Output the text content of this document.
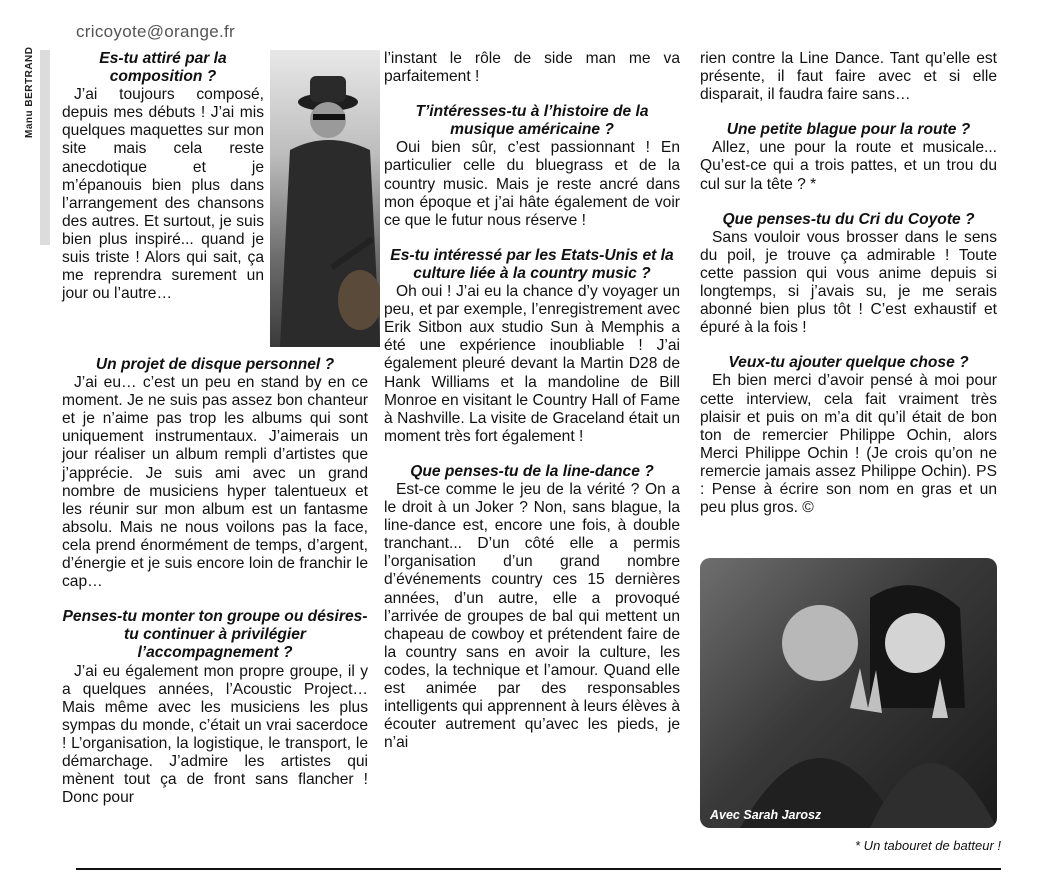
cricoyote@orange.fr
Manu BERTRAND	Es-tu attiré par la composition ?

J’ai toujours composé, depuis mes débuts ! J’ai mis quelques maquettes sur mon site mais cela reste anecdotique et je m’épanouis bien plus dans l’arrangement des chansons des autres. Et surtout, je suis bien plus inspiré... quand je suis triste ! Alors qui sait, ça me reprendra surement un jour ou l’autre…

Un projet de disque personnel ?

J’ai eu… c’est un peu en stand by en ce moment. Je ne suis pas assez bon chanteur et je n’aime pas trop les albums qui sont uniquement instrumentaux. J’aimerais un jour réaliser un album rempli d’artistes que j’apprécie. Je suis ami avec un grand nombre de musiciens hyper talentueux et les réunir sur mon album est un fantasme absolu. Mais ne nous voilons pas la face, cela prend énormément de temps, d’argent, d’énergie et je suis encore loin de franchir le cap…

Penses-tu monter ton groupe ou désires-tu continuer à privilégier l’accompagnement ?

J’ai eu également mon propre groupe, il y a quelques années, l’Acoustic Project… Mais même avec les musiciens les plus sympas du monde, c’était un vrai sacerdoce ! L’organisation, la logistique, le transport, le démarchage. J’admire les artistes qui mènent tout ça de front sans flancher ! Donc pour

l’instant le rôle de side man me va parfaitement !

T’intéresses-tu à l’histoire de la musique américaine ?

Oui bien sûr, c’est passionnant ! En particulier celle du bluegrass et de la country music. Mais je reste ancré dans mon époque et j’ai hâte également de voir ce que le futur nous réserve !

Es-tu intéressé par les Etats-Unis et la culture liée à la country music ?

Oh oui ! J’ai eu la chance d’y voyager un peu, et par exemple, l’enregistrement avec Erik Sitbon aux studio Sun à Memphis a été une expérience inoubliable ! J’ai également pleuré devant la Martin D28 de Hank Williams et la mandoline de Bill Monroe en visitant le Country Hall of Fame à Nashville. La visite de Graceland était un moment très fort également !

Que penses-tu de la line-dance ?

Est-ce comme le jeu de la vérité ? On a le droit à un Joker ? Non, sans blague, la line-dance est, encore une fois, à double tranchant... D’un côté elle a permis l’organisation d’un grand nombre d’événements country ces 15 dernières années, d’un autre, elle a provoqué l’arrivée de groupes de bal qui mettent un chapeau de cowboy et prétendent faire de la country sans en avoir la culture, les codes, la technique et l’amour. Quand elle est animée par des responsables intelligents qui apprennent à leurs élèves à écouter autrement qu’avec les pieds, je n’ai

rien contre la Line Dance. Tant qu’elle est présente, il faut faire avec et si elle disparait, il faudra faire sans…

Une petite blague pour la route ?

Allez, une pour la route et musicale... Qu’est-ce qui a trois pattes, et un trou du cul sur la tête ? *

Que penses-tu du Cri du Coyote ?

Sans vouloir vous brosser dans le sens du poil, je trouve ça admirable ! Toute cette passion qui vous anime depuis si longtemps, si j’avais su, je me serais abonné bien plus tôt ! C’est exhaustif et épuré à la fois !

Veux-tu ajouter quelque chose ?

Eh bien merci d’avoir pensé à moi pour cette interview, cela fait vraiment très plaisir et puis on m’a dit qu’il était de bon ton de remercier Philippe Ochin, alors Merci Philippe Ochin ! (Je crois qu’on ne remercie jamais assez Philippe Ochin). PS : Pense à écrire son nom en gras et un peu plus gros. ©

Avec Sarah Jarosz
* Un tabouret de batteur !
